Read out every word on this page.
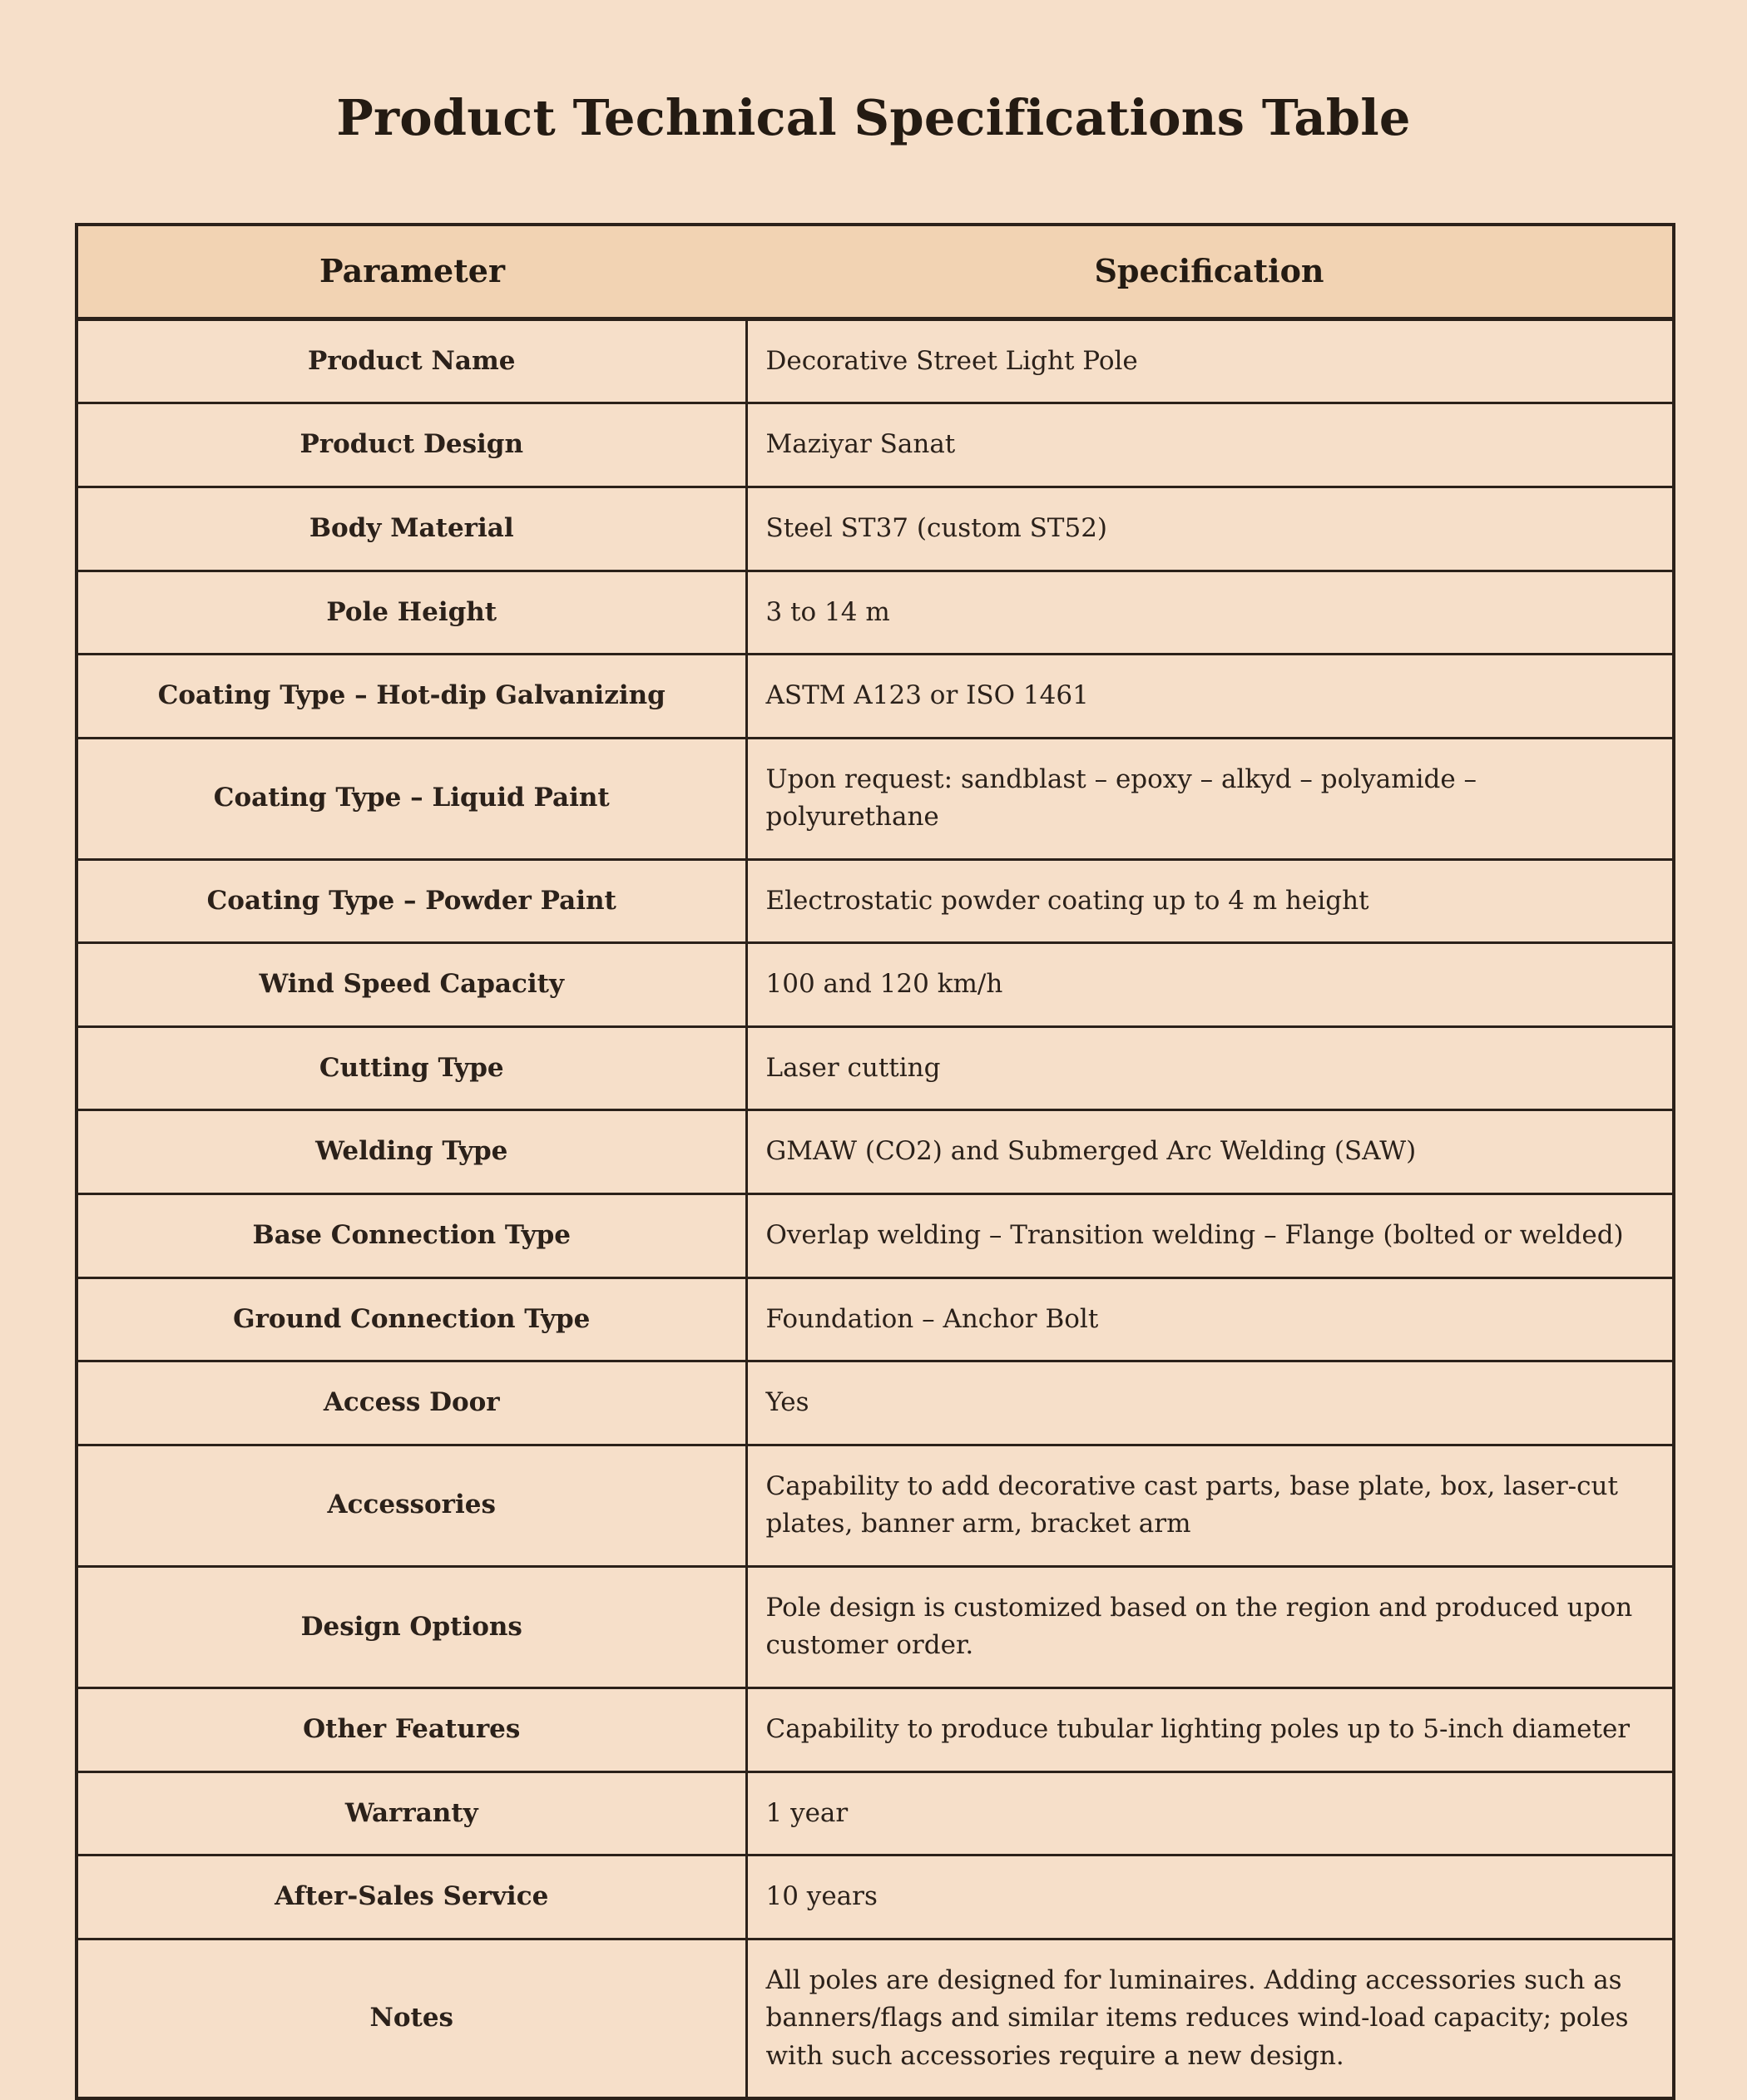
Product Technical Specifications Table
Parameter	Specification
Product Name	Decorative Street Light Pole
Product Design	Maziyar Sanat
Body Material	Steel ST37 (custom ST52)
Pole Height	3 to 14 m
Coating Type – Hot-dip Galvanizing	ASTM A123 or ISO 1461
Coating Type – Liquid Paint	Upon request: sandblast – epoxy – alkyd – polyamide – polyurethane
Coating Type – Powder Paint	Electrostatic powder coating up to 4 m height
Wind Speed Capacity	100 and 120 km/h
Cutting Type	Laser cutting
Welding Type	GMAW (CO2) and Submerged Arc Welding (SAW)
Base Connection Type	Overlap welding – Transition welding – Flange (bolted or welded)
Ground Connection Type	Foundation – Anchor Bolt
Access Door	Yes
Accessories	Capability to add decorative cast parts, base plate, box, laser-cut plates, banner arm, bracket arm
Design Options	Pole design is customized based on the region and produced upon customer order.
Other Features	Capability to produce tubular lighting poles up to 5-inch diameter
Warranty	1 year
After-Sales Service	10 years
Notes	All poles are designed for luminaires. Adding accessories such as banners/flags and similar items reduces wind-load capacity; poles with such accessories require a new design.
